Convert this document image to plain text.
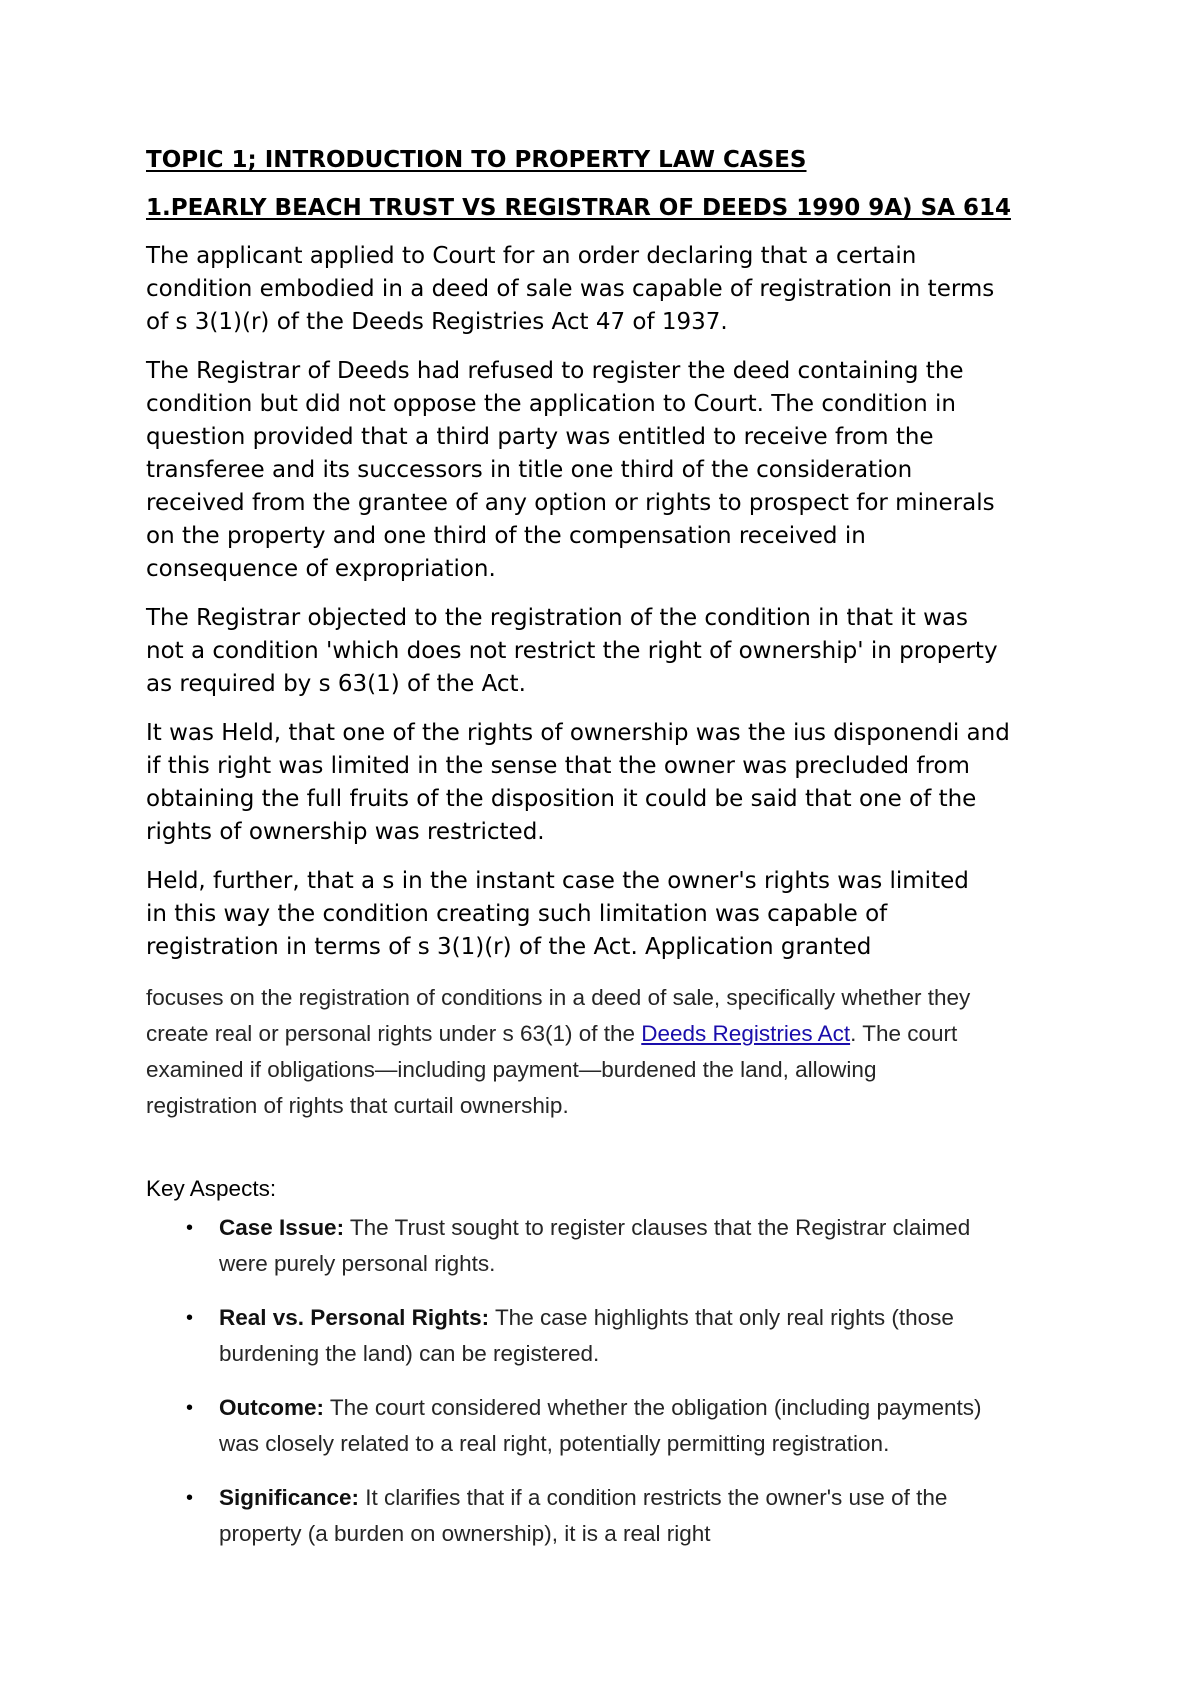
TOPIC 1; INTRODUCTION TO PROPERTY LAW CASES
1.PEARLY BEACH TRUST VS REGISTRAR OF DEEDS 1990 9A) SA 614

The applicant applied to Court for an order declaring that a certain
condition embodied in a deed of sale was capable of registration in terms
of s 3(1)(r) of the Deeds Registries Act 47 of 1937.

The Registrar of Deeds had refused to register the deed containing the
condition but did not oppose the application to Court. The condition in
question provided that a third party was entitled to receive from the
transferee and its successors in title one third of the consideration
received from the grantee of any option or rights to prospect for minerals
on the property and one third of the compensation received in
consequence of expropriation.

The Registrar objected to the registration of the condition in that it was
not a condition 'which does not restrict the right of ownership' in property
as required by s 63(1) of the Act.

It was Held, that one of the rights of ownership was the ius disponendi and
if this right was limited in the sense that the owner was precluded from
obtaining the full fruits of the disposition it could be said that one of the
rights of ownership was restricted.

Held, further, that a s in the instant case the owner's rights was limited
in this way the condition creating such limitation was capable of
registration in terms of s 3(1)(r) of the Act. Application granted

focuses on the registration of conditions in a deed of sale, specifically whether they
create real or personal rights under s 63(1) of the Deeds Registries Act. The court
examined if obligations—including payment—burdened the land, allowing
registration of rights that curtail ownership.

Key Aspects:
• Case Issue: The Trust sought to register clauses that the Registrar claimed
were purely personal rights.
• Real vs. Personal Rights: The case highlights that only real rights (those
burdening the land) can be registered.
• Outcome: The court considered whether the obligation (including payments)
was closely related to a real right, potentially permitting registration.
• Significance: It clarifies that if a condition restricts the owner's use of the
property (a burden on ownership), it is a real right
